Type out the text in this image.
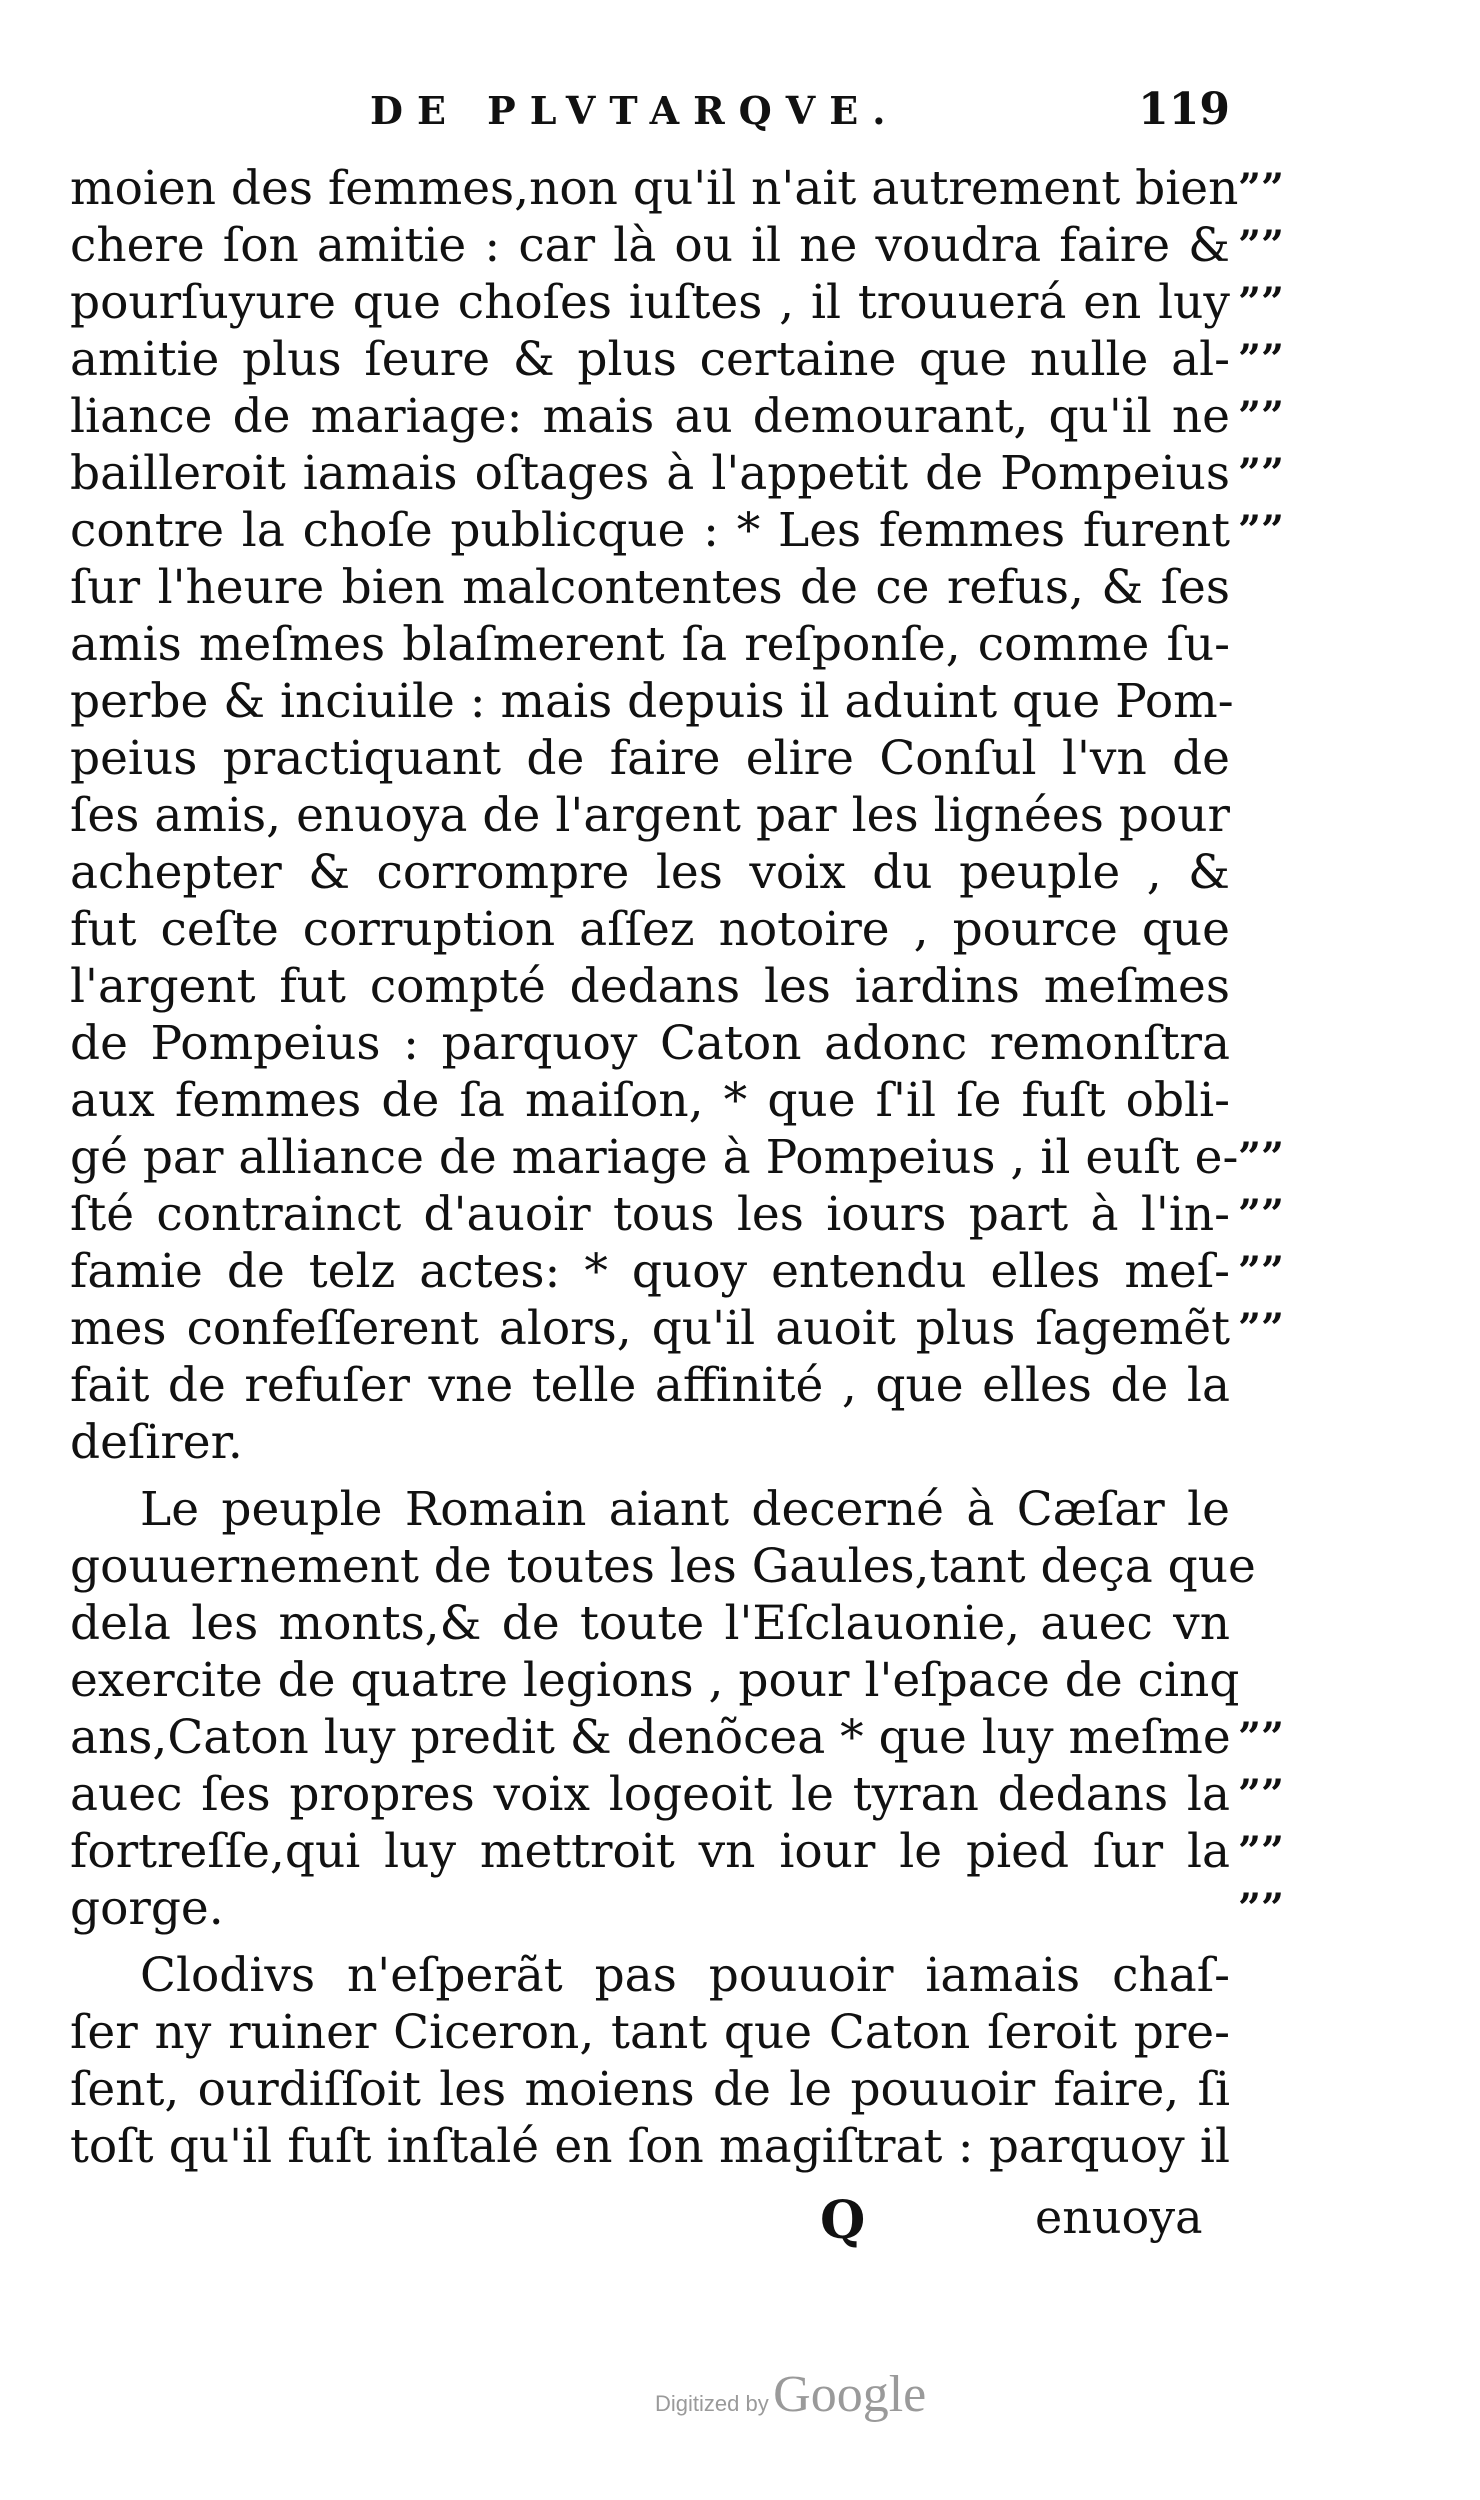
DE PLVTARQVE.	119
moien des femmes,non qu'il n'ait autrement bien
chere ſon amitie : car là ou il ne voudra faire &
pourſuyure que choſes iuſtes , il trouuerá en luy
amitie plus ſeure & plus certaine que nulle al-
liance de mariage: mais au demourant, qu'il ne
bailleroit iamais oſtages à l'appetit de Pompeius
contre la choſe publicque : * Les femmes furent
ſur l'heure bien malcontentes de ce refus, & ſes
amis meſmes blaſmerent ſa reſponſe, comme ſu-
perbe & inciuile : mais depuis il aduint que Pom-
peius practiquant de faire elire Conſul l'vn de
ſes amis, enuoya de l'argent par les lignées pour
achepter & corrompre les voix du peuple , &
fut ceſte corruption aſſez notoire , pource que
l'argent fut compté dedans les iardins meſmes
de Pompeius : parquoy Caton adonc remonſtra
aux femmes de ſa maiſon, * que ſ'il ſe fuſt obli-
gé par alliance de mariage à Pompeius , il euſt e-
ſté contrainct d'auoir tous les iours part à l'in-
famie de telz actes: * quoy entendu elles meſ-
mes confeſſerent alors, qu'il auoit plus ſagemẽt
fait de refuſer vne telle affinité , que elles de la
deſirer.
Le peuple Romain aiant decerné à Cæſar le
gouuernement de toutes les Gaules,tant deça que
dela les monts,& de toute l'Eſclauonie, auec vn
exercite de quatre legions , pour l'eſpace de cinq
ans,Caton luy predit & denõcea * que luy meſme
auec ſes propres voix logeoit le tyran dedans la
fortreſſe,qui luy mettroit vn iour le pied ſur la
gorge.
Clodivs n'eſperãt pas pouuoir iamais chaſ-
ſer ny ruiner Ciceron, tant que Caton ſeroit pre-
ſent, ourdiſſoit les moiens de le pouuoir faire, ſi
toſt qu'il fuſt inſtalé en ſon magiſtrat : parquoy il
””
””
””
””
””
””
””
””
””
””
””
””
””
””
””
Q	enuoya
Digitized by Google
